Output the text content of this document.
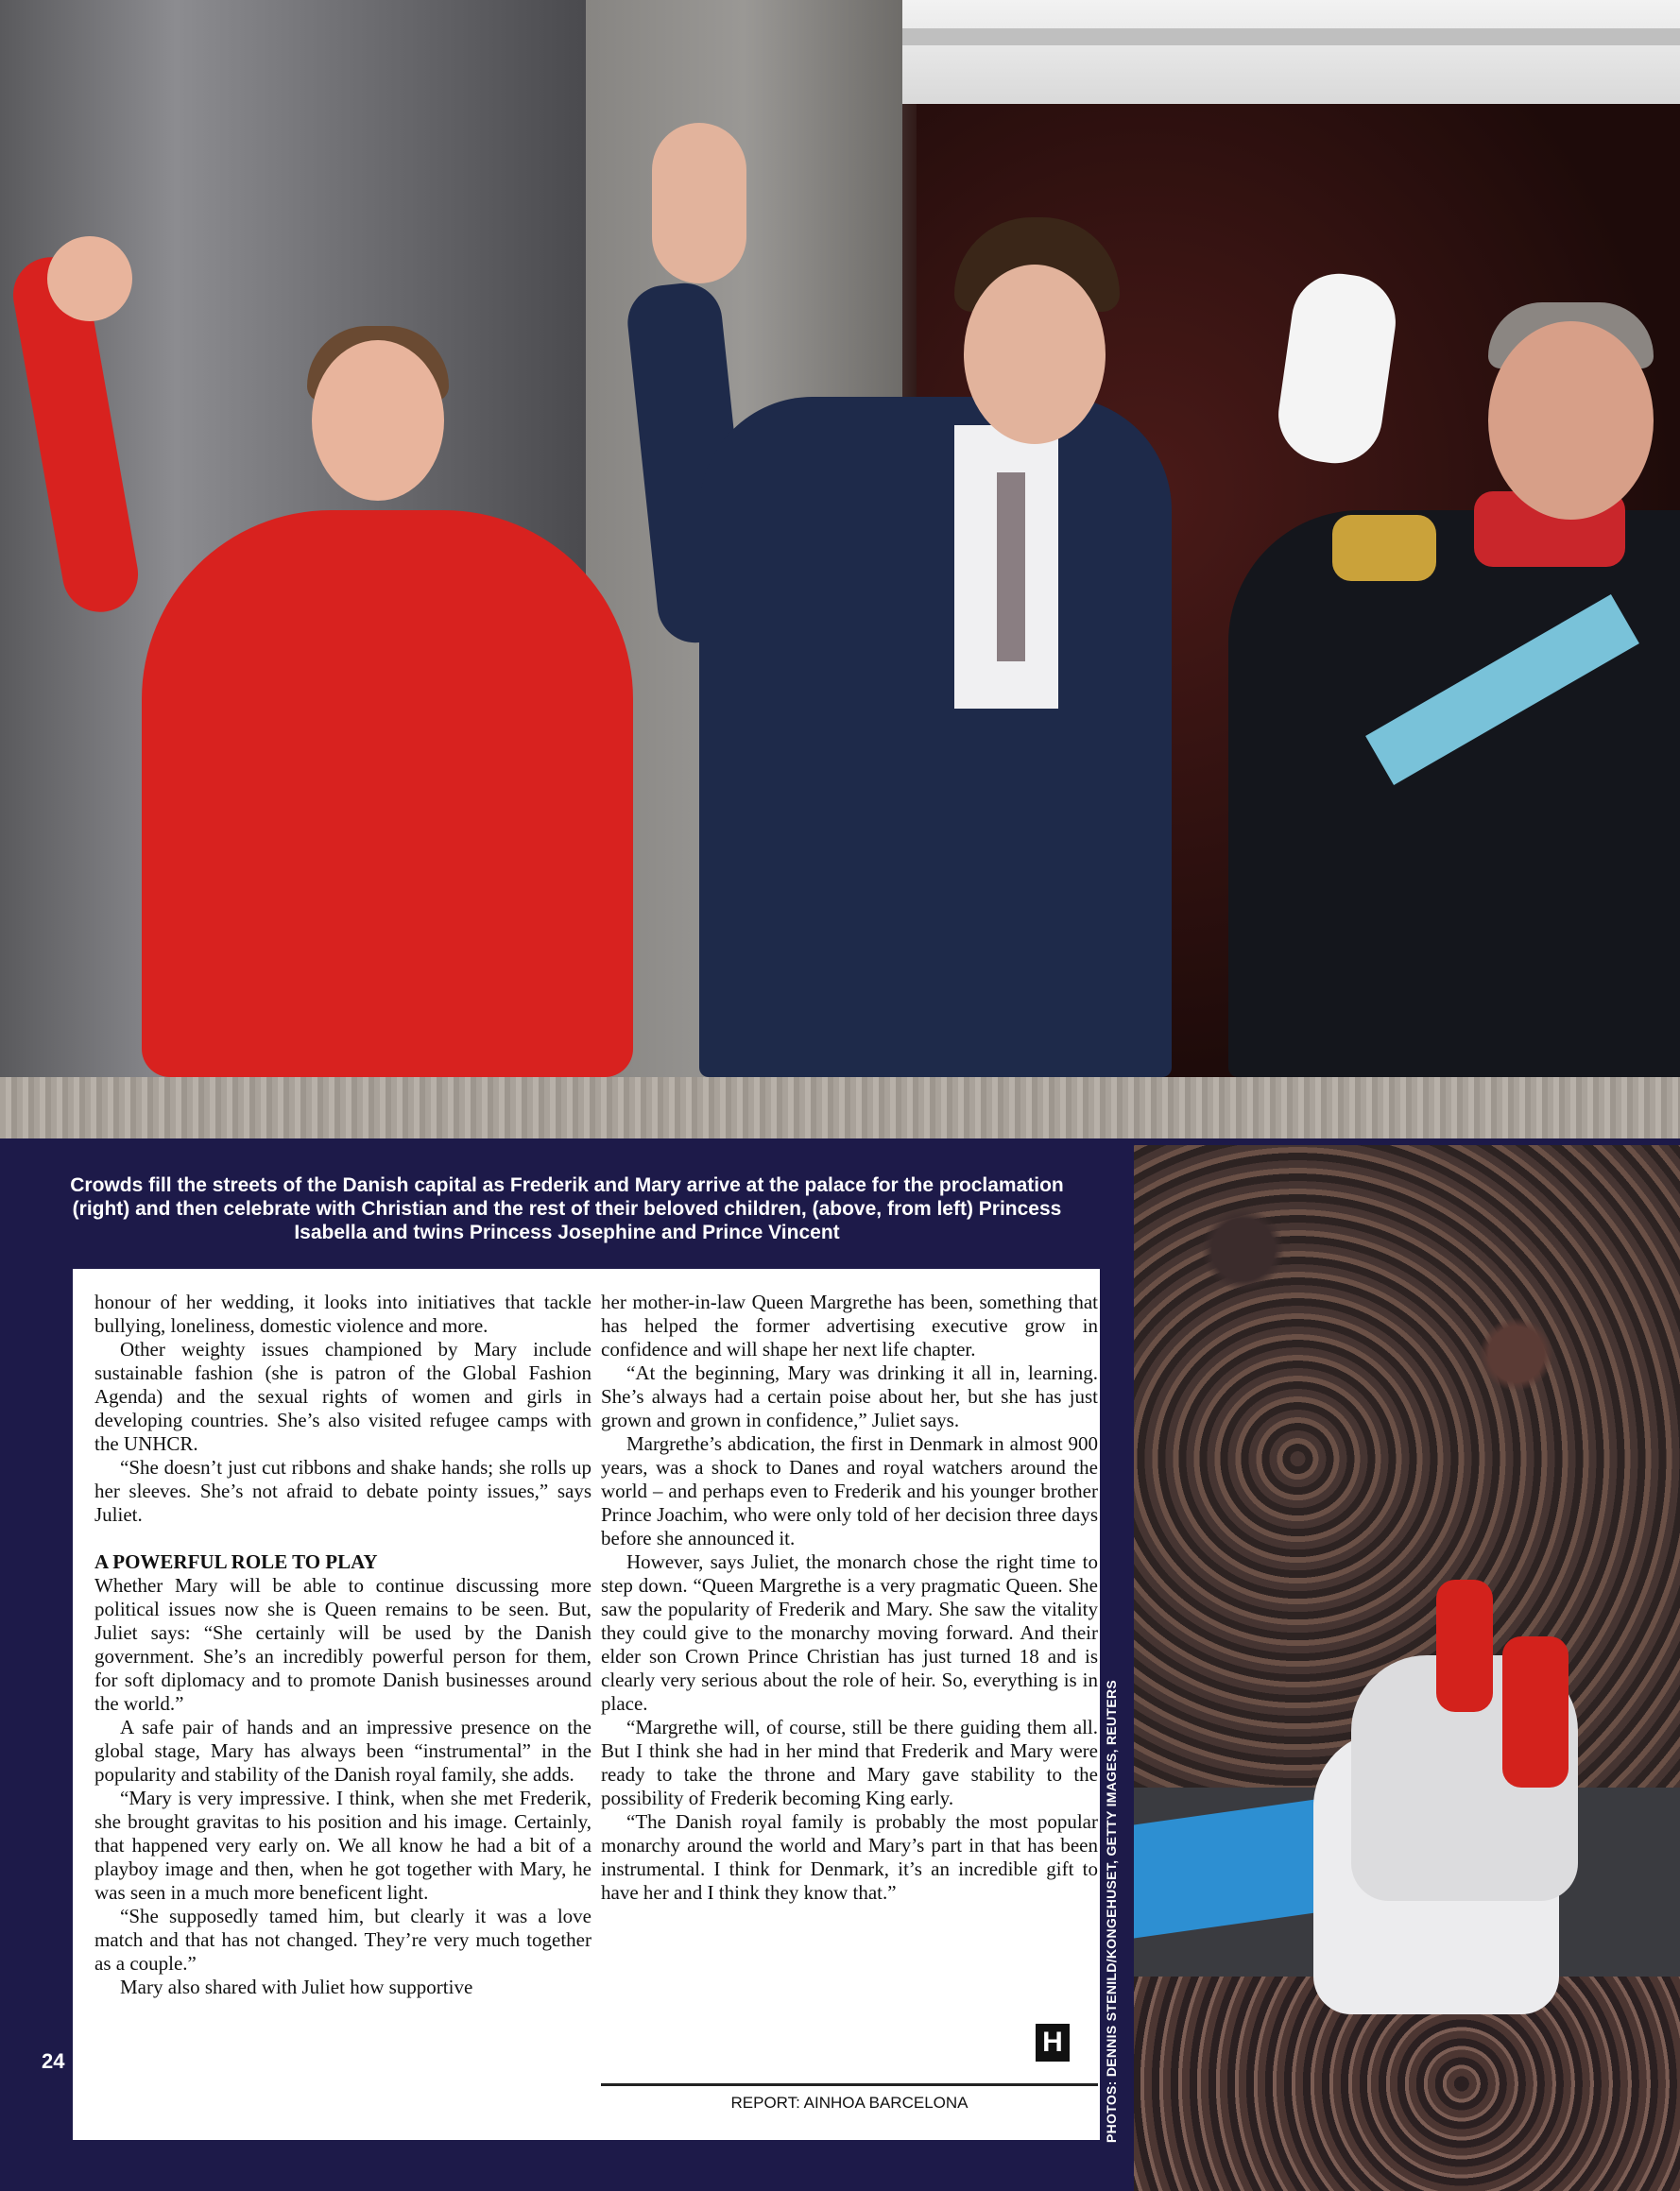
Crowds fill the streets of the Danish capital as Frederik and Mary arrive at the palace for the proclamation (right) and then celebrate with Christian and the rest of their beloved children, (above, from left) Princess Isabella and twins Princess Josephine and Prince Vincent

honour of her wedding, it looks into initiatives that tackle bullying, loneliness, domestic violence and more.

Other weighty issues championed by Mary include sustainable fashion (she is patron of the Global Fashion Agenda) and the sexual rights of women and girls in developing countries. She’s also visited refugee camps with the UNHCR.

“She doesn’t just cut ribbons and shake hands; she rolls up her sleeves. She’s not afraid to debate pointy issues,” says Juliet.

A POWERFUL ROLE TO PLAY

Whether Mary will be able to continue discussing more political issues now she is Queen remains to be seen. But, Juliet says: “She certainly will be used by the Danish government. She’s an incredibly powerful person for them, for soft diplomacy and to promote Danish businesses around the world.”

A safe pair of hands and an impressive presence on the global stage, Mary has always been “instrumental” in the popularity and stability of the Danish royal family, she adds.

“Mary is very impressive. I think, when she met Frederik, she brought gravitas to his position and his image. Certainly, that happened very early on. We all know he had a bit of a playboy image and then, when he got together with Mary, he was seen in a much more beneficent light.

“She supposedly tamed him, but clearly it was a love match and that has not changed. They’re very much together as a couple.”

Mary also shared with Juliet how supportive

her mother-in-law Queen Margrethe has been, something that has helped the former advertising executive grow in confidence and will shape her next life chapter.

“At the beginning, Mary was drinking it all in, learning. She’s always had a certain poise about her, but she has just grown and grown in confidence,” Juliet says.

Margrethe’s abdication, the first in Denmark in almost 900 years, was a shock to Danes and royal watchers around the world – and perhaps even to Frederik and his younger brother Prince Joachim, who were only told of her decision three days before she announced it.

However, says Juliet, the monarch chose the right time to step down. “Queen Margrethe is a very pragmatic Queen. She saw the popularity of Frederik and Mary. She saw the vitality they could give to the monarchy moving forward. And their elder son Crown Prince Christian has just turned 18 and is clearly very serious about the role of heir. So, everything is in place.

“Margrethe will, of course, still be there guiding them all. But I think she had in her mind that Frederik and Mary were ready to take the throne and Mary gave stability to the possibility of Frederik becoming King early.

“The Danish royal family is probably the most popular monarchy around the world and Mary’s part in that has been instrumental. I think for Denmark, it’s an incredible gift to have her and I think they know that.”

H
REPORT: AINHOA BARCELONA
24	PHOTOS: DENNIS STENILD/KONGEHUSET, GETTY IMAGES, REUTERS
